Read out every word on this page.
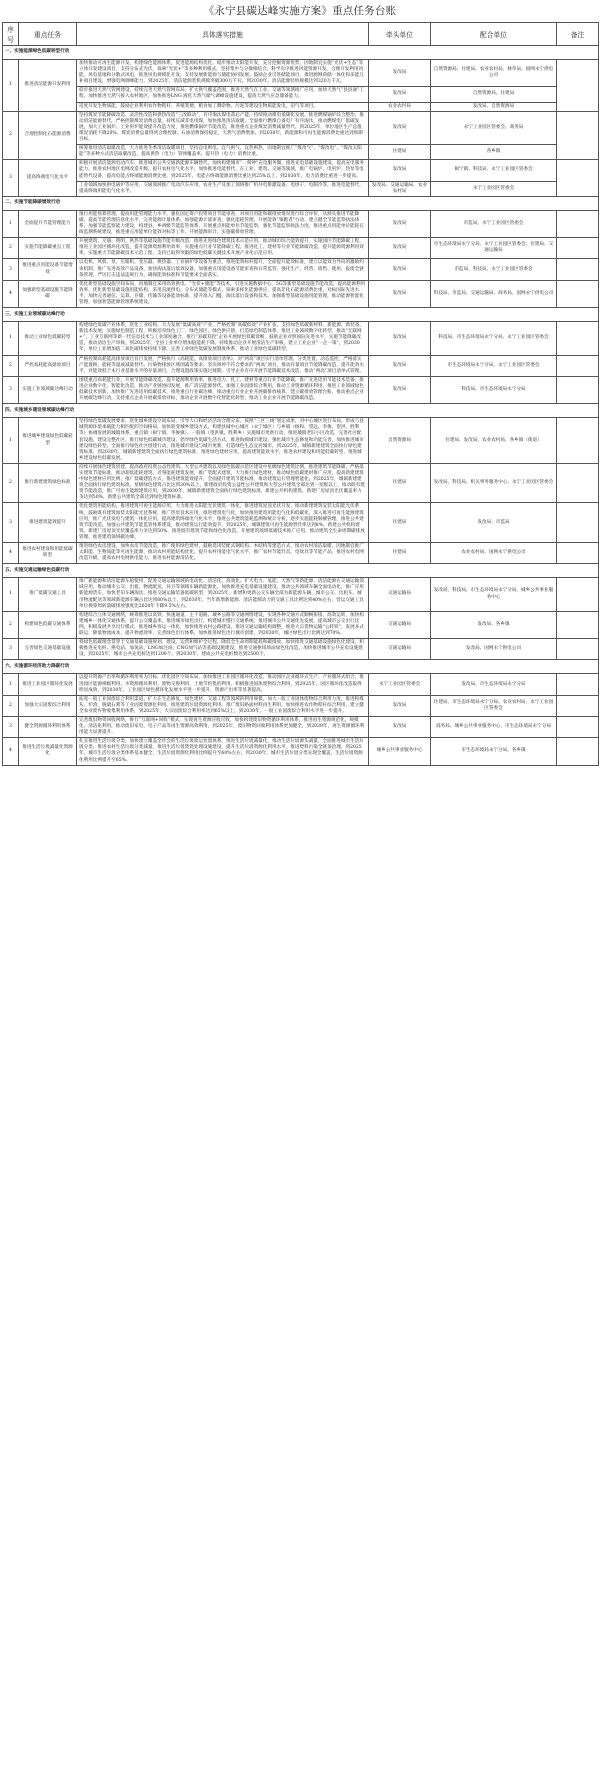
《永宁县碳达峰实施方案》重点任务台账
序号	重点任务	具体落实措施	牵头单位	配合单位	备注
一、实施能源绿色低碳转型行动					
1	推进清洁能源开发利用	加快推动可再生能源开发，构建绿色能源体系，促进能源结构优化。稳步推动太阳能开发，充分挖掘资源优势，因地制宜实施“光伏+生态”等立体开发建设项目，支持分布式光伏，探索“光伏+”等多种利用模式，坚持集中与分散相结合，科学有序推进风能资源开发，合理开发利用风能、风电基地和分散式风电，推进风电规模化开发，支持发展新能源与储能协同发展。鼓励企业引进储能项目，推进源网荷储一体化和多能互补项目建设，增强电网调峰能力，到2025年，清洁能源装机规模突破300万千瓦。到2030年，清洁能源装机规模达到320万千瓦。	发改局	自然资源局、住建局、农业农村局、林草局、国网永宁供电公司	
		稳步推进天然气管网建设，持续完善天然气管网布局，扩大供气覆盖范围，推进天然气在工业、交通等领域推广应用，加快天然气“县县通”工程，加快推进天然气接入农村地区，加快推进LNG 液化天然气储气调峰设施建设，提高天然气应急储备能力。	发改局	自然资源局、住建局	
		适度开发生物质能，鼓励企业利用农作物秸秆、养殖粪便、粮食加工剩余物、污泥等建设生物质能发电、沼气等项目。	农业农村局	发改局、自然资源局	
2	合理控制化石能源消费	坚持煤炭节能降碳改造、灵活性改造和供热改造“三改联动”，有序淘汰煤电落后产能，持续推动煤电低碳化发展。推进燃煤锅炉综合整治，推动清洁能源替代，严格控制煤炭消费总量，持续压减非电用煤，加快推进清洁取暖，全面推行燃煤自备电厂有序淘汰，推动燃煤电厂低碳发展，加大工业锅炉、工业窑炉能效提升改造力度，推进燃煤锅炉节能改造，推进重点企业煤炭消费减量替代。到2025年，单位地区生产总值煤炭消耗下降20%，煤炭消费总量得到合理控制，石油消费保持稳定，天然气消费增加，到2030年，新能源和可再生能源消费比重达到预期目标。	发改局	永宁工业园区管委会、商务局	
		统筹推进清洁取暖改造，大力推进冬季清洁取暖项目，坚持宜电则电、宜气则气、宜热则热，因地制宜推广“煤改气”、“煤改电”、“煤改太阳能”等多种方式清洁取暖改造，提高供热（电力）管网覆盖率，提升热（电力）消费比重。	住建局	各乡镇	
3	提高终端电气化水平	积极开展清洁能源电动汽车、推进城市公共交通新能源车辆替代，加快构建城市“一刻钟”充电服务圈，推进充电基础设施建设，提高充电服务能力。推进农村地区电网改造升级，提升农村电气化水平，加快推进电能替代，在工业、建筑、交通等领域，推广电锅炉、电窑炉、热泵等电能替代设备，提高电能占终端能源消费比重，到2025年，电能占终端能源消费比重达到25%以上，到2030年，电力消费比重进一步提高。	发改局	闽宁镇、科技局、永宁工业园区管委会	
		工业领域加快供电锅炉等应用，交通领域推广电动汽车应用，农业生产及加工领域推广机井电排灌设备、电烘干、电制冷等，推进电能替代，提高终端用能电气化水平。	发改局、交通运输局、农业农村局	永宁工业园区管委会	
二、实施节能降碳增效行动					
1	全面提升节能管理能力	推行用能预算管理，提高用能管理能力水平，强化固定资产投资项目节能审查，对项目用能和碳排放情况进行综合评价，从源头推进节能降碳，提高节能管理信息化水平，完善能源计量体系，加强能源计量审查，强化能耗管理，开展能效“领跑者”行动，建立健全节能监察执法体系，加强节能监察能力建设，构建县、乡两级节能监管体系，开展重点用能单位节能监察，强化节能监察执法力度，推进重点用能单位能耗在线监测系统建设，推进重点用能单位能效对标等工作，开展能源审计，实施碳排放管理。	发改局	市监局、永宁工业园区管委会	
2	实施节能降碳重点工程	开展建筑、交通、照明、供热等基础设施节能升级改造，推进先进绿色建筑技术示范应用，推动城市综合能效提升，实施园区节能降碳工程，推进工业园区循环化改造，提升能源资源利用效率，实施重点行业节能降碳工程，推进化工、建材等行业节能降碳改造，提升能源资源利用效率，实施重大节能降碳技术示范工程，支持已取得突破的绿色低碳关键技术开展产业化示范应用。	发改局	市生态环境局永宁分局、永宁工业园区管委会、住建局、交通运输局	
3	推进重点用能设备节能增效	以电机、风机、泵、压缩机、变压器、换热器、工业锅炉等设备为重点，推进能效标杆提升，全面提升能效标准，建立以能效为导向的激励约束机制，推广先进高效产品设备，加快淘汰落后低效设备，加强重点用能设备节能审查和日常监管，强化生产、经营、销售、使用、报废全链条管理，严厉打击违法违规行为，确保能效标准和节能要求全面落实。	发改局	市监局、科技局、永宁工业园区管委会	
4	加强新型基础设施节能降碳	优化新型基础设施空间布局，因地制宜采用高效供电、“光伏+储能”等技术，引进实施数据中心、5G等新型基础设施节能改造，提高能源利用效率，优化新型基础设施用能结构，采用直流供电、分布式储能等模式，探索多样化能源供应，提高非化石能源消费比重，对标国际先进水平，加快完善通信、运算、存储、传输等设备能效标准，提升准入门槛，淘汰落后设备和技术，加强新型基础设施用能管理，推动能源智能化管理，加强智慧能源管理系统建设。	发改局	科技局、市监局、交通运输局、商务局、国网永宁供电公司	
三、实施工业领域碳达峰行动					
1	推动工业绿色低碳转型	构建绿色低碳产业体系，优化工业结构，大力发展“低碳高效”产业，严格控制“高碳低效”产业扩张，支持绿色低碳新材料、新能源、新装备、新技术发展，实施绿色制造工程，积极培育绿色工厂、绿色园区、绿色供应链，打造绿色制造体系，推进工业领域数字化转型，推动“互联网+”、工业互联网等新一代信息技术与工业深度融合，推行“双碳双控”企业开展绿色低碳诊断，鼓励企业对照国际先进水平，实施节能降碳改造，推动清洁生产审核，到2025年，全县工业单位增加值能耗下降，持续推动企业开展清洁生产审核，建立工业企业“一企一策”，到2030年，单位工业增加值二氧化碳排放持续下降，完善工业绿色低碳发展制度体系，推动工业绿色低碳转型。	发改局	科技局、市生态环境局永宁分局、永宁工业园区管委会	
2	严控高耗能高排放项目	严格控制高耗能高排放项目盲目发展，严格执行《高耗能、高排放项目清单》，对“两高”项目实行清单管理、分类处置、动态监控，严格落实产能置换、能耗等量或减量替代、污染物排放区域削减等要求，坚决叫停不符合要求的“两高”项目，推动存量项目节能降碳改造，提升能效水平，对能效低于本行业基准水平的存量项目，合理设置政策实施过渡期，引导企业有序开展节能降碳技术改造，推动“两高”项目清单式管理。	发改局	市生态环境局永宁分局、永宁工业园区管委会	
3	实施工业领域碳达峰行动	围绕重点高耗能行业，开展节能降碳改造，提升能源利用效率，推进电力、化工、建材等重点行业节能降碳，推广先进适用节能技术装备，推进企业数字化、智能化改造，推动产业链协同发展，推广清洁能源替代，加强工业固废综合利用，推动工业资源循环利用，推进工业领域绿色低碳技术创新，加快推广先进适用低碳技术，推进重点行业碳达峰，推动重点行业企业开展碳排放核算，建立碳排放管理台账，推动重点企业开展碳达峰行动，支持重点企业开展碳排放对标，推动企业开展数字化智能化转型，推动工业企业开展节能降碳改造。	发改局	科技局、市生态环境局永宁分局	
四、实施城乡建设领域碳达峰行动					
1	推进城乡建设绿色低碳转型	坚持绿色低碳发展要求，优化城乡建设空间布局，引导人口和经济活动合理分布，按照“三区三线”划定成果，对中心城区进行布局，形成与县城资源环境承载能力相匹配的空间格局，加快转变城乡建设方式，构建县城中心城区（永宁城区）与乡镇（杨和、望远、李俊、望洪、胜利等）协调发展的城镇体系，重点镇（闽宁镇、李俊镇）、一般镇（望洪镇、胜利乡）实施城市更新行动，推进城镇老旧小区改造，完善社区配套设施，建设完整社区，推行绿色低碳城市建设，倡导绿色低碳生活方式，推进海绵城市建设，强化城市生态修复和功能完善，加快推进城市建设绿色转型，全面推行绿色社区创建行动，推进城市建设与城市更新，打造绿色生态宜居城市，到2025年，城镇新建建筑全面执行绿色建筑标准，到2030年，城镇新建建筑全面执行绿色建筑标准，推进绿色建材应用，提高建筑能效水平，推进农村建设和用能低碳转型，推进城乡建设绿色低碳发展。	自然资源局	住建局、发改局、农业农村局、各乡镇（街道）	
2	推行新建建筑绿色标准	持续开展绿色建筑创建，提高政府投资公益性建筑、大型公共建筑以及绿色低碳示范区建设中星级绿色建筑比例，推进建筑节能降碳，严格落实建筑节能标准，推动超低能耗建筑、近零能耗建筑发展，推广装配式建筑，大力推行绿色建材，推动绿色低碳建材推广应用，提高新建建筑中绿色建材应用比例，推广低碳建造方式，推进建筑能效提升，全面提升建筑节能标准，推动建筑运行管理智能化，到2025年，城镇新建建筑全面执行绿色建筑标准，星级绿色建筑占比达到30%以上，新建政府投资公益性公共建筑和大型公共建筑全部达到一星级以上，推动既有建筑节能改造，推广可再生能源建筑应用，到2030年，城镇新建建筑全面执行绿色建筑标准，新建公共机构建筑、新建厂房屋顶光伏覆盖率力争达到50%，新建公共建筑全部达到绿色建筑标准。	住建局	发改局、科技局、机关事务服务中心、永宁工业园区管委会	
3	推进建筑能效提升	优化建筑用能结构，推进建筑可再生能源应用，大力推进太阳能光伏建筑一体化，推进建筑屋顶光伏开发，推动新建建筑安装太阳能光伏系统，鼓励既有建筑加装太阳能光伏系统，推广热泵技术应用，推进建筑电气化，加快推进建筑用能电气化和低碳化，深入推进可再生能源建筑应用，推广光伏发电与建筑一体化应用，提高建筑终端电气化水平，推进公共建筑能耗监测和统计分析，逐步实施能耗限额管理，推进公共建筑节能改造，加强公共建筑节能监管体系建设，推动建筑运行能效提升，到2025年，城镇建筑可再生能源替代率达到8%，新建公共机构建筑、新建厂房屋顶光伏覆盖率力争达到50%，推进既有建筑节能和绿色化改造，开展建筑领域低碳技术推广应用，推动建筑全生命周期碳排放管理，推进建筑领域碳达峰。	住建局	发改局、市监局	
4	推进农村建设和用能低碳转型	推进绿色农房建设，加快农房节能改造，推广使用绿色建材，鼓励选用装配式钢结构、木结构等建造方式，推动农村清洁取暖，因地制宜推广太阳能、生物质能等可再生能源，推动农村用能结构优化，提升农村用能电气化水平，推广农村节能灶具、电炊具等节能产品，推进农村电网改造升级，提高农村电网供电能力，推进农村能源清洁化。	住建局	农业农村局、国网永宁供电公司	
五、实施交通运输绿色低碳行动					
1	推广低碳交通工具	推广新能源和清洁能源车船使用，促进交通运输领域的电动化、清洁化、高效化。扩大电力、氢能、天然气等新能源、清洁能源在交通运输领域应用，推动城市公交、出租、物流配送、环卫等领域车辆新能源化，加快推进充电基础设施建设，推动公共领域车辆全面电动化，推广应用新能源货车，加快老旧车辆淘汰，推进交通运输装备低碳转型，到2025年，新增和更新公交车辆全部为新能源车辆，城市公交、出租车、城市物流配送等领域新能源车辆占比达到80%以上，到2030年，当年新增新能源、清洁能源动力的交通工具比例达到40%左右，营运交通工具单位换算周转量碳排放强度比2020年下降9.5%左右。	交通运输局	发改局、科技局、市生态环境局永宁分局、城乡公共事业服务中心	
2	构建绿色低碳交通体系	构建综合立体交通网络，统筹推进以高铁、快速通道、主干道路、城乡公路等交通网络建设，实现各种交通方式顺畅衔接、高效运转，加快构建城乡一体化交通体系，提升公交覆盖率，推进城市绿色出行，构建城市慢行交通系统，推进城市公共交通优先发展，提高城市公交出行比例，积极发展共享出行模式，推进城乡客运一体化，加快推进农村公路建设，推进交通运输结构调整，推进大宗货物运输“公转铁”，发展多式联运，降低物流成本，提升物流效率，完善绿色出行体系，加快推进绿色出行城市创建，到2030年，城区绿色出行比例达到70%。	交通运输局	发改局、各乡镇	
3	完善绿色交通基础设施	将绿色低碳理念贯穿于交通基础设施规划、建设、运营和维护全过程，降低全生命周期能耗和碳排放，加快推进交通基础设施绿色化建设，积极推进充电桩、换电站、加氢站、LNG加注站、CNG加气站等基础设施建设，推进交通枢纽场站绿色化改造，加快推进城市公共充电设施建设，到2025年，城市公共充电桩达到1200个，到2030年，建成公共充电桩数达到2500个。	交通运输局	发改局、国网永宁供电公司	
六、实施循环经济助力降碳行动					
1	推进工业园区循环化发展	以提升资源产出率和循环利用率为目标，优化园区空间布局，加快推进工业园区循环化改造，推动园区企业循环式生产、产业循环式组合，推进园区能源梯级利用、水资源循环利用、废物交换利用、土地节约集约利用，积极推进固体废物综合利用，到2025年，园区循环化改造取得明显成效，到2030年，工业园区绿色循环化发展水平进一步提升，资源产出率等显著提高。	永宁工业园区管委会	发改局、市生态环境局永宁分局	
2	加强大宗固废综合利用	拓宽一般工业固废综合利用渠道，扩大在生态修复、绿色建材、交通工程等领域的利用规模，加大一般工业固体废物综合利用力度，推进粉煤灰、炉渣、脱硫石膏等工业固废资源化利用，推进建筑垃圾资源化利用，推广废旧路面材料再生利用，加快推进农作物秸秆综合利用，建立健全农业废弃物收集利用体系，到2025年，大宗固废综合利用率达到65%以上，到2030年，一般工业固废综合利用水平进一步提升。	发改局	住建局、市生态环境局永宁分局、农业农村局、永宁工业园区管委会	
3	健全资源循环利用体系	完善废旧物资回收网络，推行“互联网+回收”模式，实现再生资源应收尽收，加快构建废旧物资循环利用体系，推进再生资源规范化、规模化、清洁化利用，推动废旧家电、电子产品等再生资源高效利用，到2025年，废旧物资回收利用体系更加健全，到2030年，再生资源循环利用能力显著提升。	发改局	商务局、城乡公共事业服务中心、市生态环境局永宁分局	
4	推进生活垃圾减量化资源化	扎实推进生活垃圾分类，加快建立覆盖全社会的生活垃圾收运处置体系，推进生活垃圾减量化，推动生活垃圾源头减量，全面推进城市生活垃圾分类，推进农村生活垃圾分类减量，推进生活垃圾焚烧处理设施建设，提升生活垃圾资源化利用水平，推进塑料污染全链条治理，到2025年，城市生活垃圾分类体系基本健全，生活垃圾资源化利用比例提升至60%左右，到2030年，城市生活垃圾分类实现全覆盖，生活垃圾资源化利用比例提升至65%。	城乡公共事业服务中心	市生态环境局永宁分局、各乡镇	
